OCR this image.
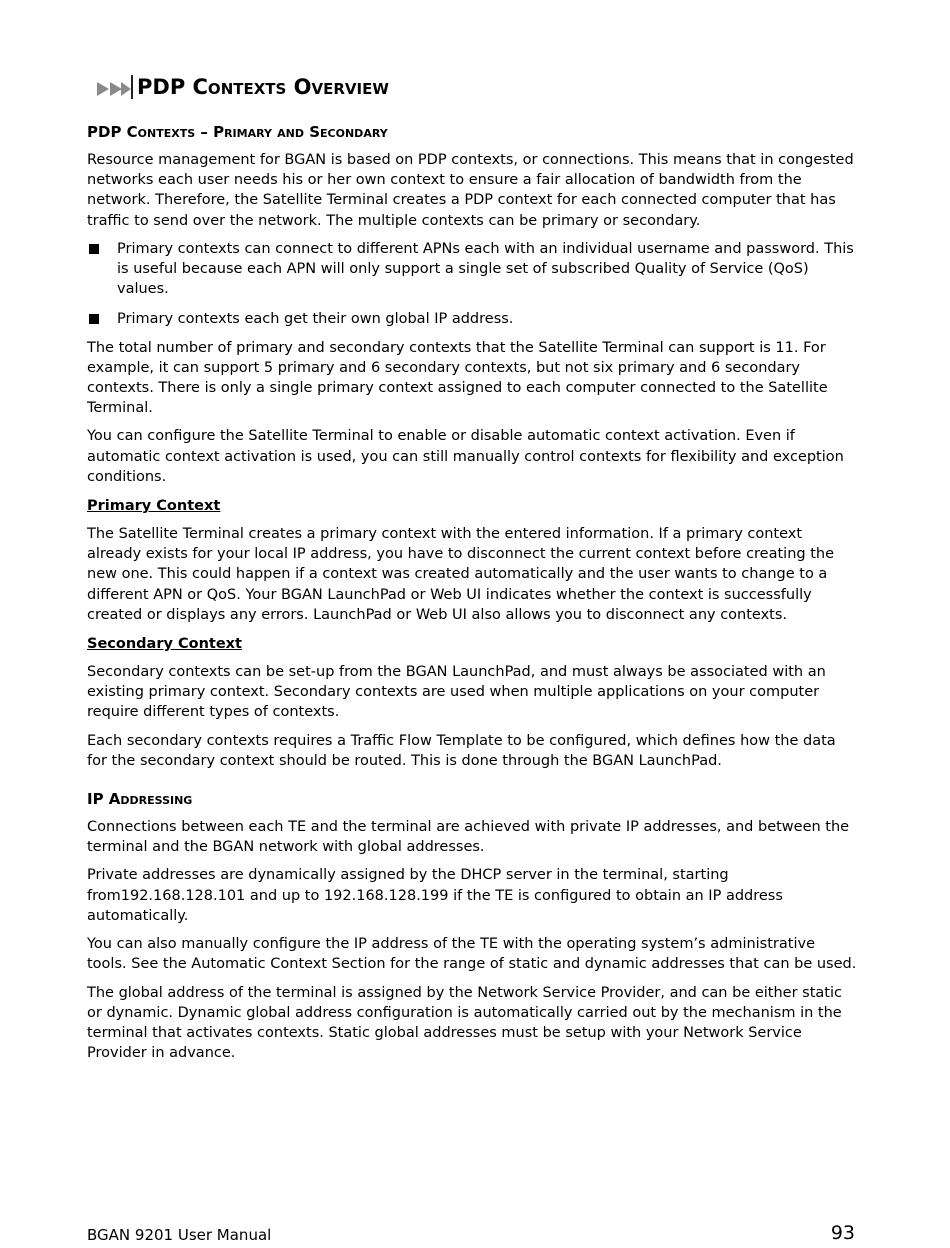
PDP Contexts Overview
PDP Contexts – Primary and Secondary

Resource management for BGAN is based on PDP contexts, or connections. This means that in congested networks each user needs his or her own context to ensure a fair allocation of bandwidth from the network. Therefore, the Satellite Terminal creates a PDP context for each connected computer that has traffic to send over the network. The multiple contexts can be primary or secondary.

Primary contexts can connect to different APNs each with an individual username and password. This is useful because each APN will only support a single set of subscribed Quality of Service (QoS) values.
Primary contexts each get their own global IP address.

The total number of primary and secondary contexts that the Satellite Terminal can support is 11. For example, it can support 5 primary and 6 secondary contexts, but not six primary and 6 secondary contexts. There is only a single primary context assigned to each computer connected to the Satellite Terminal.

You can configure the Satellite Terminal to enable or disable automatic context activation. Even if automatic context activation is used, you can still manually control contexts for flexibility and exception conditions.

Primary Context

The Satellite Terminal creates a primary context with the entered information. If a primary context already exists for your local IP address, you have to disconnect the current context before creating the new one. This could happen if a context was created automatically and the user wants to change to a different APN or QoS. Your BGAN LaunchPad or Web UI indicates whether the context is successfully created or displays any errors. LaunchPad or Web UI also allows you to disconnect any contexts.

Secondary Context

Secondary contexts can be set-up from the BGAN LaunchPad, and must always be associated with an existing primary context. Secondary contexts are used when multiple applications on your computer require different types of contexts.

Each secondary contexts requires a Traffic Flow Template to be configured, which defines how the data for the secondary context should be routed. This is done through the BGAN LaunchPad.

IP Addressing

Connections between each TE and the terminal are achieved with private IP addresses, and between the terminal and the BGAN network with global addresses.

Private addresses are dynamically assigned by the DHCP server in the terminal, starting from192.168.128.101 and up to 192.168.128.199 if the TE is configured to obtain an IP address automatically.

You can also manually configure the IP address of the TE with the operating system’s administrative tools. See the Automatic Context Section for the range of static and dynamic addresses that can be used.

The global address of the terminal is assigned by the Network Service Provider, and can be either static or dynamic. Dynamic global address configuration is automatically carried out by the mechanism in the terminal that activates contexts. Static global addresses must be setup with your Network Service Provider in advance.

BGAN 9201 User Manual	93
